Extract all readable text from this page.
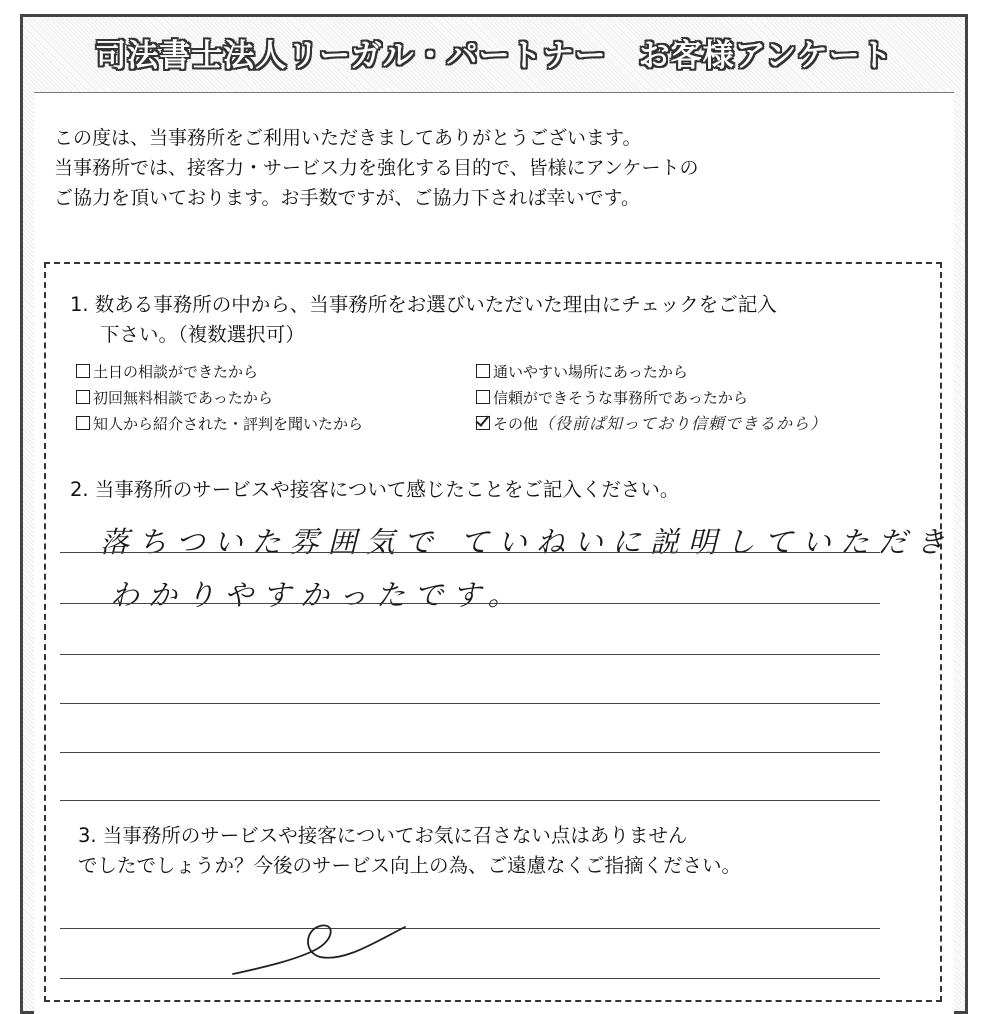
司法書士法人リーガル・パートナー　お客様アンケート
この度は、当事務所をご利用いただきましてありがとうございます。
当事務所では、接客力・サービス力を強化する目的で、皆様にアンケートの
ご協力を頂いております。お手数ですが、ご協力下されば幸いです。
1. 数ある事務所の中から、当事務所をお選びいただいた理由にチェックをご記入
下さい。（複数選択可）
土日の相談ができたから	通いやすい場所にあったから
初回無料相談であったから	信頼ができそうな事務所であったから
知人から紹介された・評判を聞いたから	その他（役前ぱ知っており信頼できるから）
2. 当事務所のサービスや接客について感じたことをご記入ください。
落ちついた雰囲気で ていねいに説明していただき
わかりやすかったです。
3. 当事務所のサービスや接客についてお気に召さない点はありません
でしたでしょうか？今後のサービス向上の為、ご遠慮なくご指摘ください。
